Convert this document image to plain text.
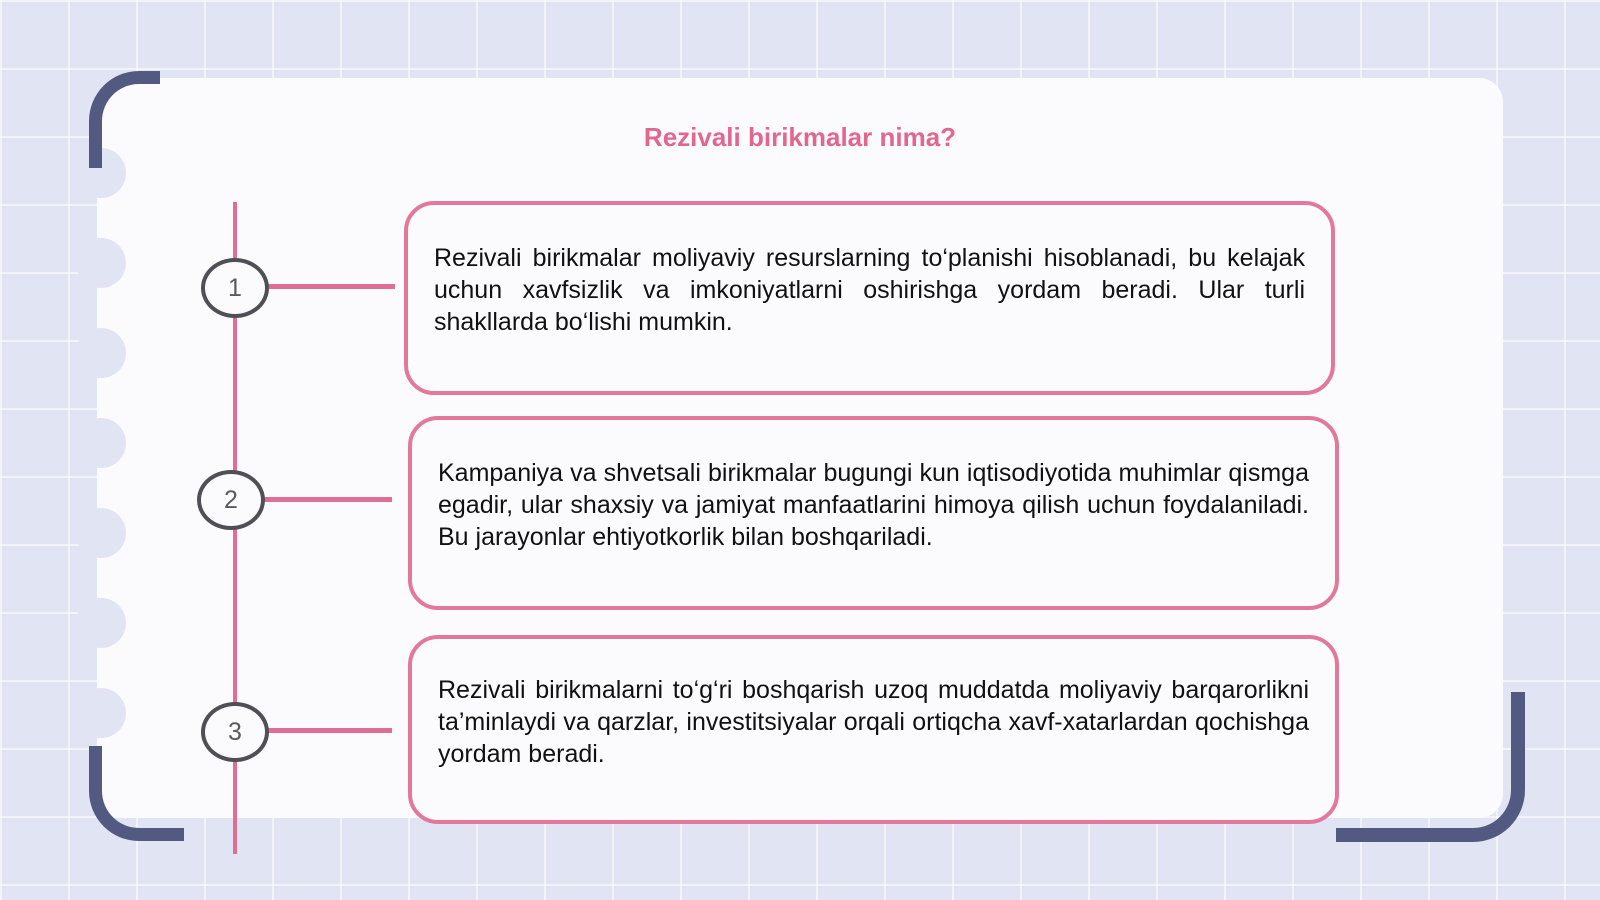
Rezivali birikmalar nima?
1
2
3

Rezivali birikmalar moliyaviy resurslarning to‘planishi hisoblanadi, bu kelajak uchun xavfsizlik va imkoniyatlarni oshirishga yordam beradi. Ular turli shakllarda bo‘lishi mumkin.

Kampaniya va shvetsali birikmalar bugungi kun iqtisodiyotida muhimlar qismga egadir, ular shaxsiy va jamiyat manfaatlarini himoya qilish uchun foydalaniladi. Bu jarayonlar ehtiyotkorlik bilan boshqariladi.

Rezivali birikmalarni to‘g‘ri boshqarish uzoq muddatda moliyaviy barqarorlikni ta’minlaydi va qarzlar, investitsiyalar orqali ortiqcha xavf-xatarlardan qochishga yordam beradi.
